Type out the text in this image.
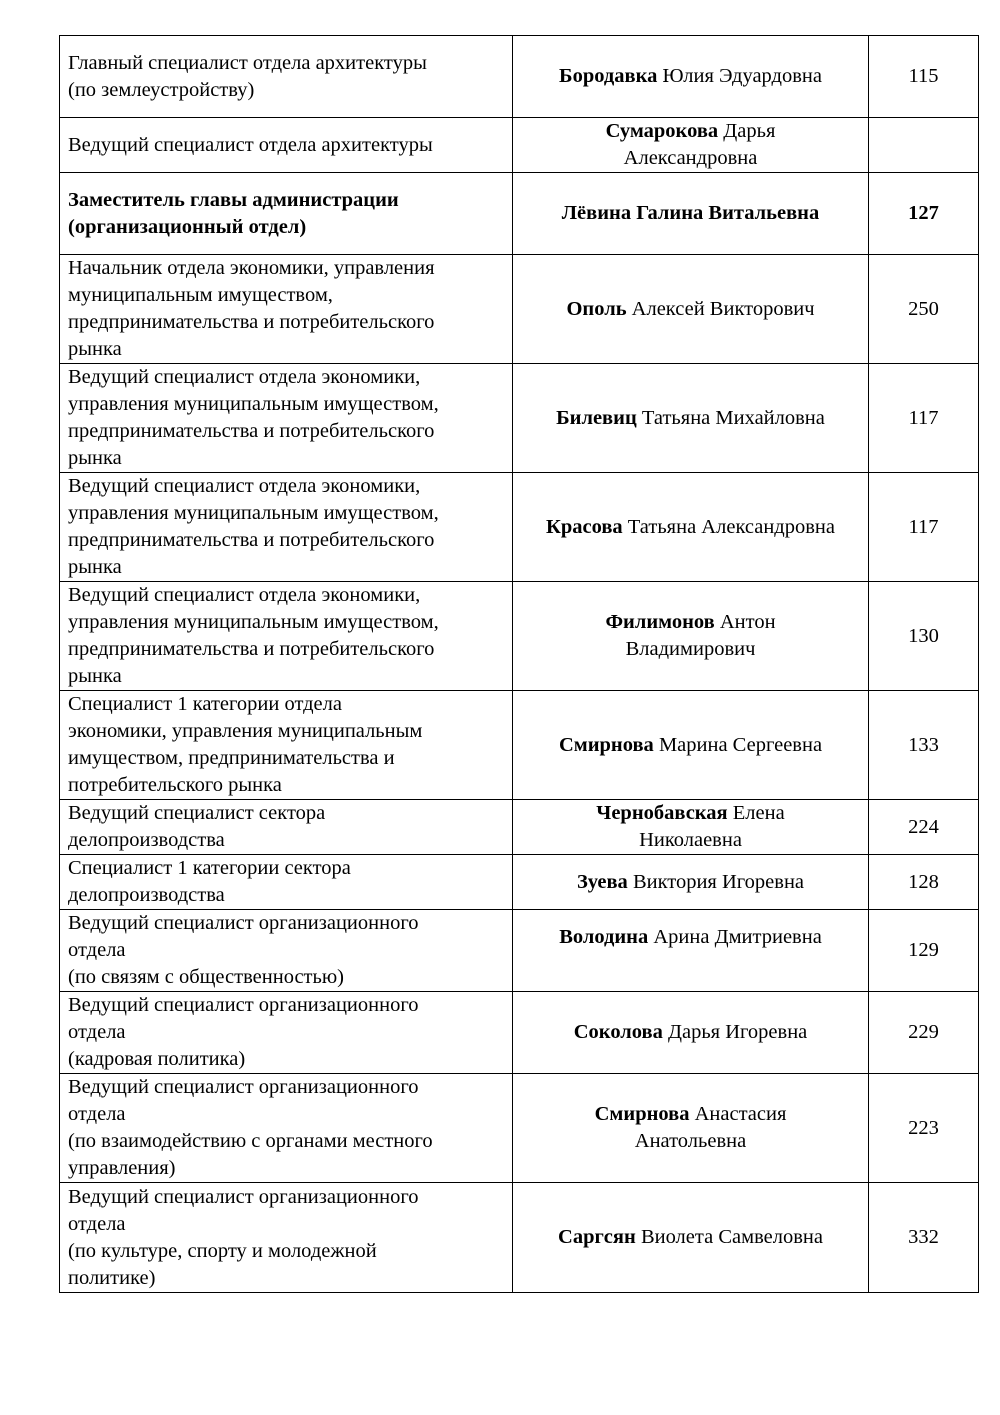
Главный специалист отдела архитектуры
(по землеустройству)	Бородавка Юлия Эдуардовна	115

Ведущий специалист отдела архитектуры	Сумарокова Дарья Александровна	

Заместитель главы администрации
(организационный отдел)	Лёвина Галина Витальевна	127

Начальник отдела экономики, управления
муниципальным имуществом,
предпринимательства и потребительского
рынка	Ополь Алексей Викторович	250

Ведущий специалист отдела экономики,
управления муниципальным имуществом,
предпринимательства и потребительского
рынка	Билевиц Татьяна Михайловна	117

Ведущий специалист отдела экономики,
управления муниципальным имуществом,
предпринимательства и потребительского
рынка	Красова Татьяна Александровна	117

Ведущий специалист отдела экономики,
управления муниципальным имуществом,
предпринимательства и потребительского
рынка	Филимонов Антон Владимирович	130

Специалист 1 категории отдела
экономики, управления муниципальным
имуществом, предпринимательства и
потребительского рынка	Смирнова Марина Сергеевна	133

Ведущий специалист сектора
делопроизводства	Чернобавская Елена Николаевна	224

Специалист 1 категории сектора
делопроизводства	Зуева Виктория Игоревна	128

Ведущий специалист организационного
отдела
(по связям с общественностью)	Володина Арина Дмитриевна	129

Ведущий специалист организационного
отдела
(кадровая политика)	Соколова Дарья Игоревна	229

Ведущий специалист организационного
отдела
(по взаимодействию с органами местного
управления)	Смирнова Анастасия Анатольевна	223

Ведущий специалист организационного
отдела
(по культуре, спорту и молодежной
политике)	Саргсян Виолета Самвеловна	332
